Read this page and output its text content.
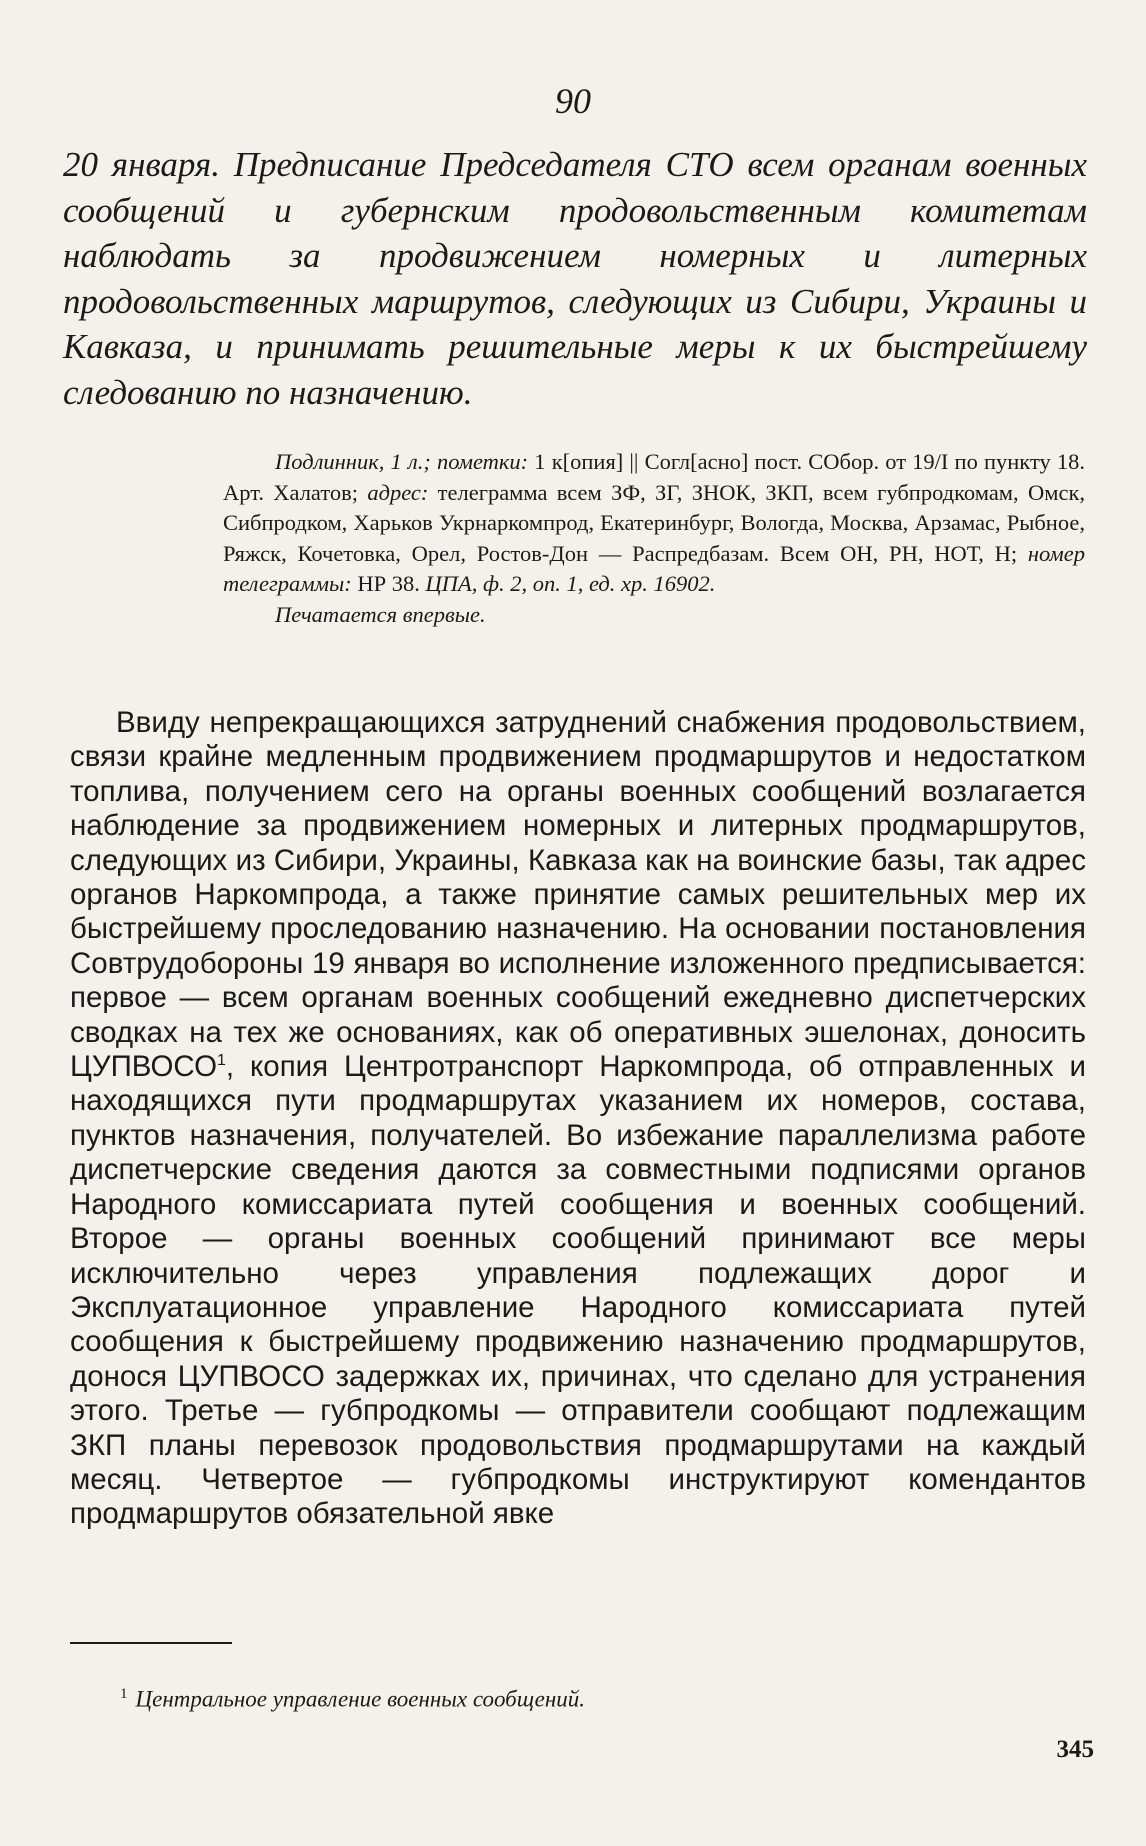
90
20 января. Предписание Председателя СТО всем органам военных сообщений и губернским продовольственным комитетам наблюдать за продвижением номерных и литерных продовольственных маршрутов, следующих из Сибири, Украины и Кавказа, и принимать решительные меры к их быстрейшему следованию по назначению.
Подлинник, 1 л.; пометки: 1 к[опия] || Согл[асно] пост. СОбор. от 19/I по пункту 18. Арт. Халатов; адрес: телеграмма всем ЗФ, ЗГ, ЗНОК, ЗКП, всем губпродкомам, Омск, Сибпродком, Харьков Укрнаркомпрод, Екатеринбург, Вологда, Москва, Арзамас, Рыбное, Ряжск, Кочетовка, Орел, Ростов-Дон — Распредбазам. Всем ОН, РН, НОТ, Н; номер телеграммы: НР 38. ЦПА, ф. 2, оп. 1, ед. хр. 16902.
Печатается впервые.

Ввиду непрекращающихся затруднений снабжения продовольствием, связи крайне медленным продвижением продмаршрутов и недостатком топлива, получением сего на органы военных сообщений возлагается наблюдение за продвижением номерных и литерных продмаршрутов, следующих из Сибири, Украины, Кавказа как на воинские базы, так адрес органов Наркомпрода, а также принятие самых решительных мер их быстрейшему проследованию назначению. На основании постановления Совтрудобороны 19 января во исполнение изложенного предписывается: первое — всем органам военных сообщений ежедневно диспетчерских сводках на тех же основаниях, как об оперативных эшелонах, доносить ЦУПВОСО$^1$, копия Центротранспорт Наркомпрода, об отправленных и находящихся пути продмаршрутах указанием их номеров, состава, пунктов назначения, получателей. Во избежание параллелизма работе диспетчерские сведения даются за совместными подписями органов Народного комиссариата путей сообщения и военных сообщений. Второе — органы военных сообщений принимают все меры исключительно через управления подлежащих дорог и Эксплуатационное управление Народного комиссариата путей сообщения к быстрейшему продвижению назначению продмаршрутов, донося ЦУПВОСО задержках их, причинах, что сделано для устранения этого. Третье — губпродкомы — отправители сообщают подлежащим ЗКП планы перевозок продовольствия продмаршрутами на каждый месяц. Четвертое — губпродкомы инструктируют комендантов продмаршрутов обязательной явке

$^1$ Центральное управление военных сообщений.
345
